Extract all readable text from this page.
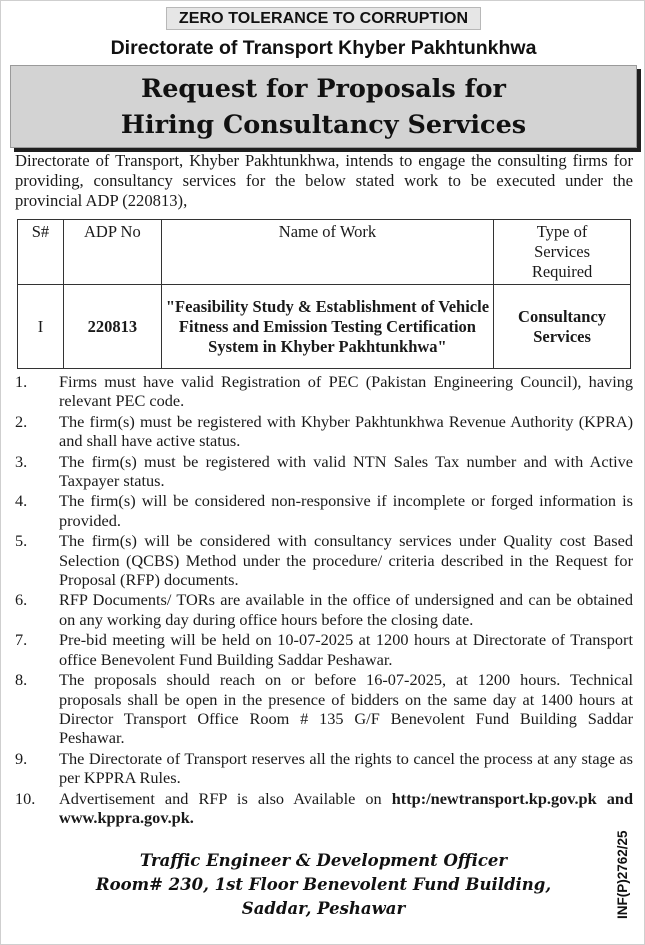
ZERO TOLERANCE TO CORRUPTION
Directorate of Transport Khyber Pakhtunkhwa
Request for Proposals for
Hiring Consultancy Services

Directorate of Transport, Khyber Pakhtunkhwa, intends to engage the consulting firms for providing, consultancy services for the below stated work to be executed under the provincial ADP (220813),

S#	ADP No	Name of Work	Type of
Services
Required

I	220813	"Feasibility Study & Establishment of Vehicle Fitness and Emission Testing Certification System in Khyber Pakhtunkhwa"	Consultancy
Services
1.	Firms must have valid Registration of PEC (Pakistan Engineering Council), having relevant PEC code.
2.	The firm(s) must be registered with Khyber Pakhtunkhwa Revenue Authority (KPRA) and shall have active status.
3.	The firm(s) must be registered with valid NTN Sales Tax number and with Active Taxpayer status.
4.	The firm(s) will be considered non-responsive if incomplete or forged information is provided.
5.	The firm(s) will be considered with consultancy services under Quality cost Based Selection (QCBS) Method under the procedure/ criteria described in the Request for Proposal (RFP) documents.
6.	RFP Documents/ TORs are available in the office of undersigned and can be obtained on any working day during office hours before the closing date.
7.	Pre-bid meeting will be held on 10-07-2025 at 1200 hours at Directorate of Transport office Benevolent Fund Building Saddar Peshawar.
8.	The proposals should reach on or before 16-07-2025, at 1200 hours. Technical proposals shall be open in the presence of bidders on the same day at 1400 hours at Director Transport Office Room # 135 G/F Benevolent Fund Building Saddar Peshawar.
9.	The Directorate of Transport reserves all the rights to cancel the process at any stage as per KPPRA Rules.
10.	Advertisement and RFP is also Available on http:/newtransport.kp.gov.pk and www.kppra.gov.pk.
Traffic Engineer & Development Officer
Room# 230, 1st Floor Benevolent Fund Building,
Saddar, Peshawar	INF(P)2762/25
